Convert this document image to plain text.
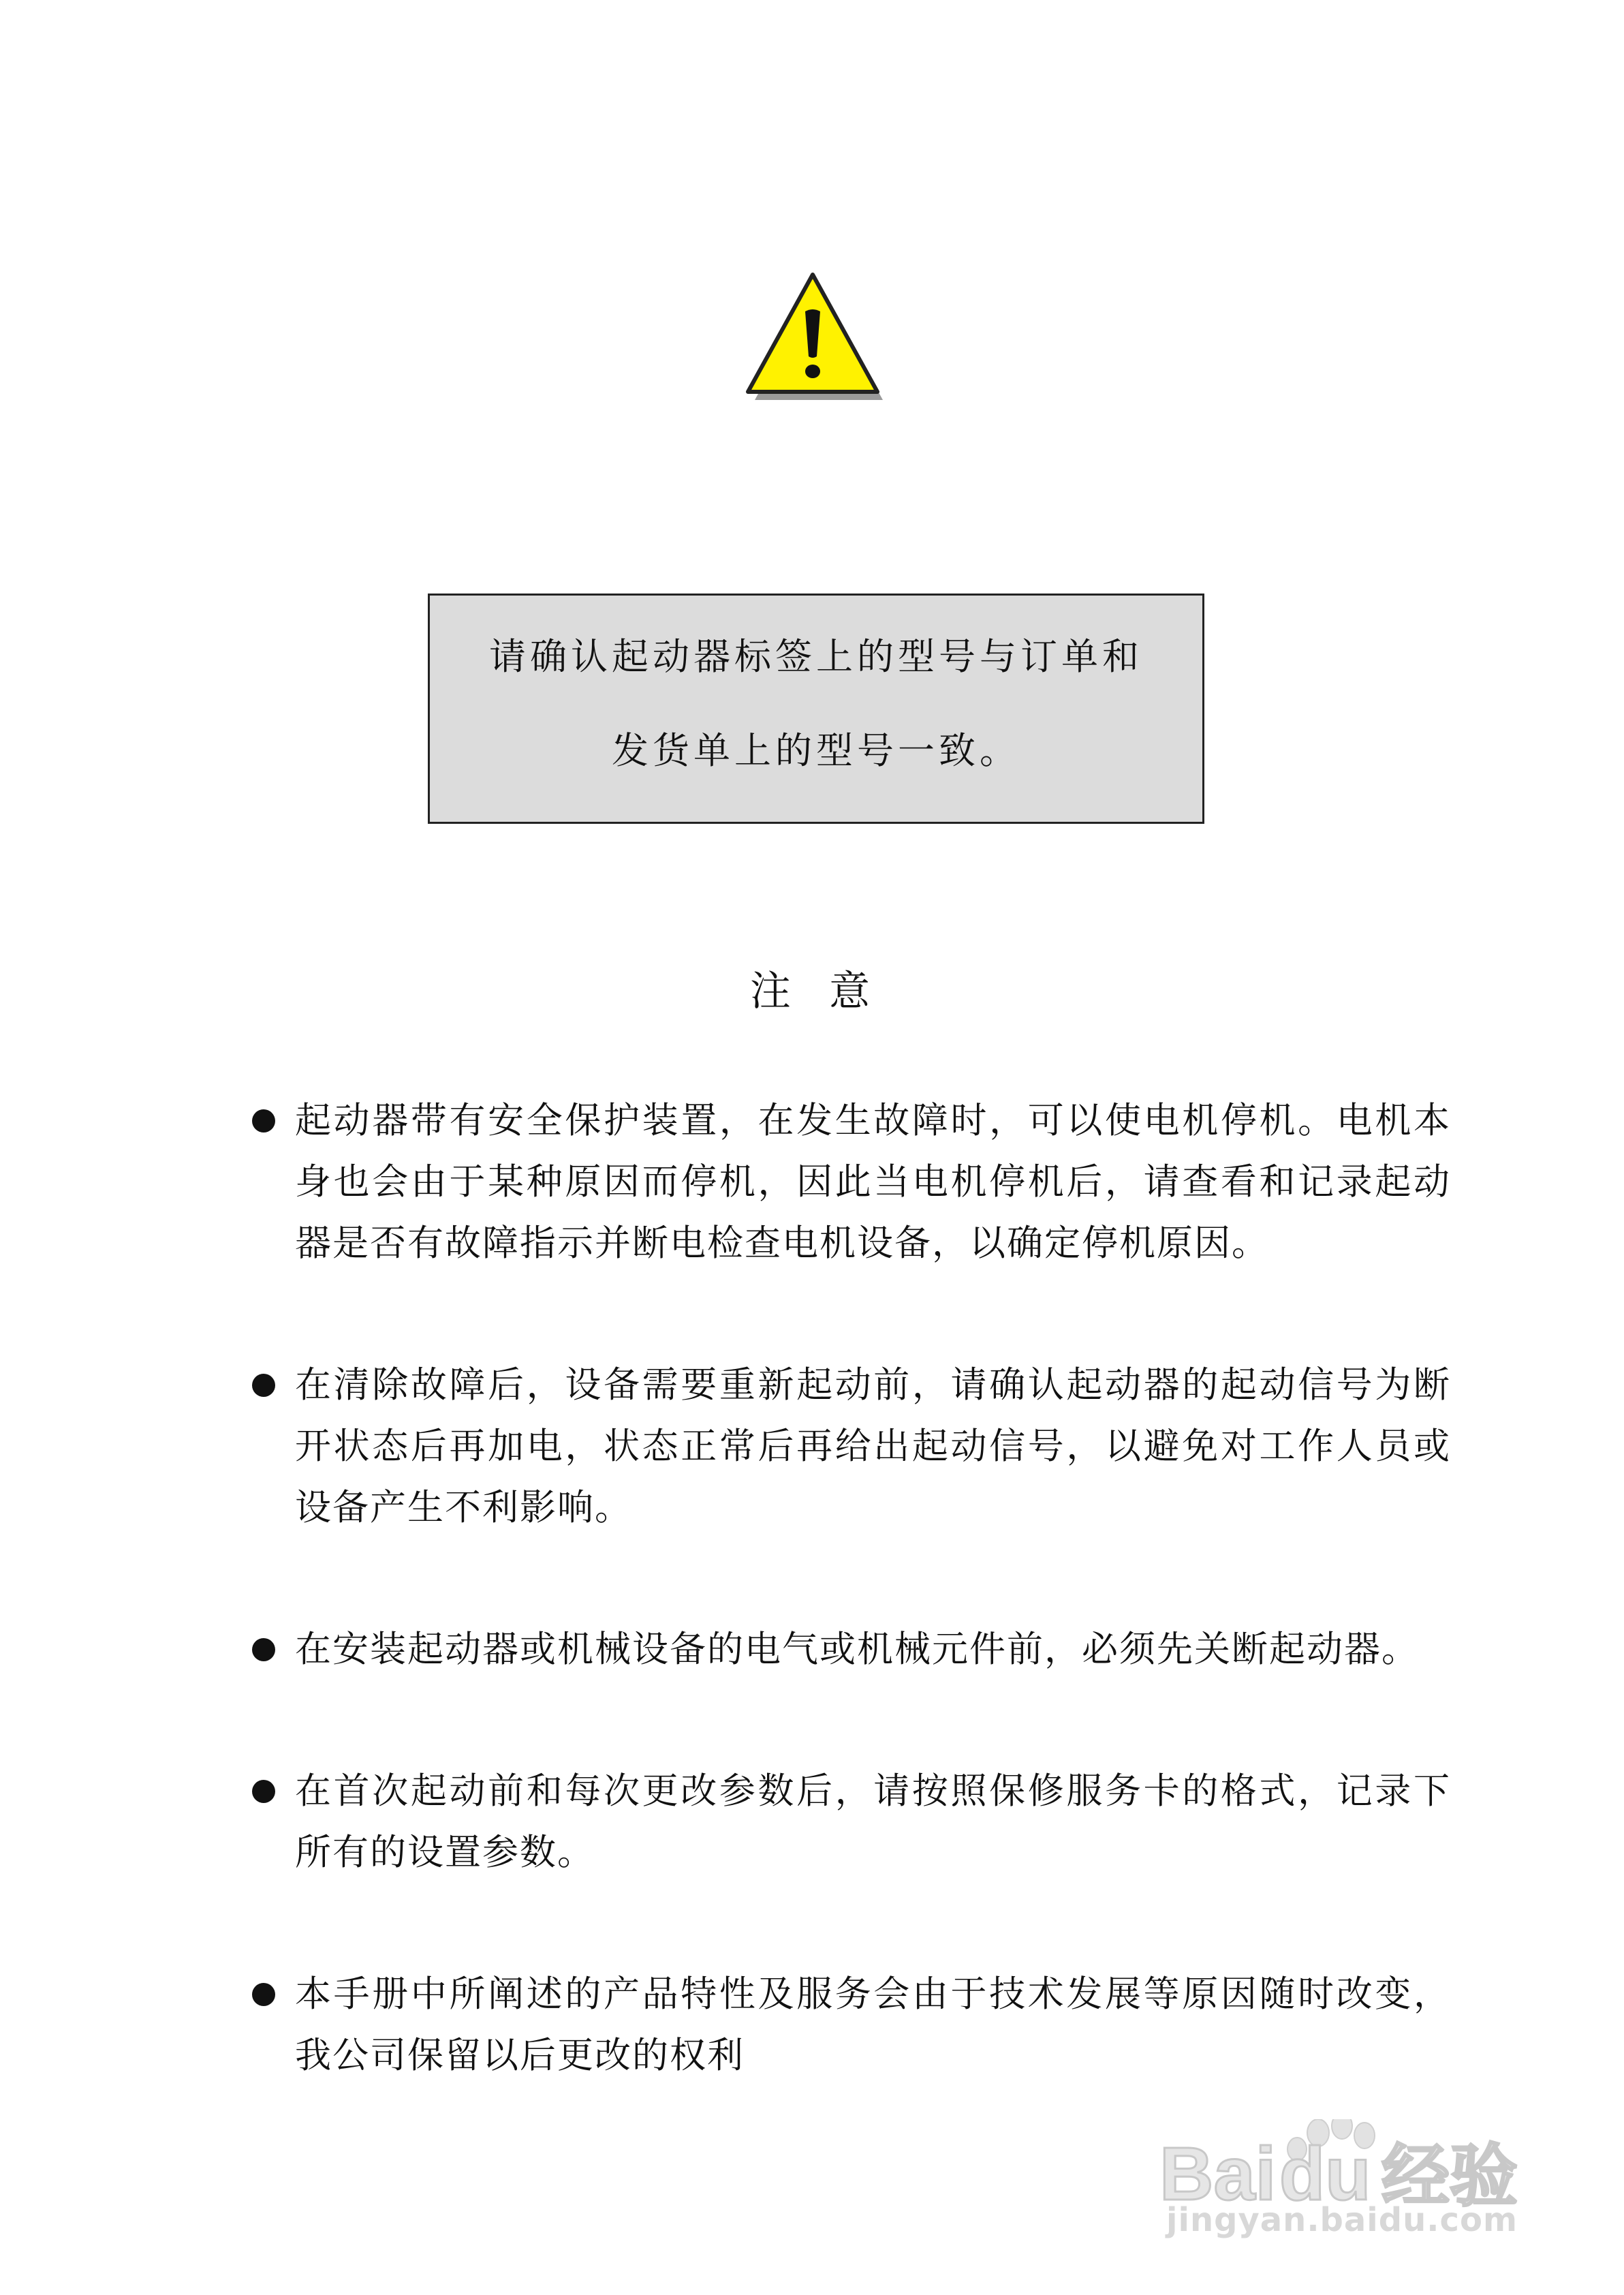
请确认起动器标签上的型号与订单和
发货单上的型号一致。
注  意
起动器带有安全保护装置，在发生故障时，可以使电机停机。电机本身也会由于某种原因而停机，因此当电机停机后，请查看和记录起动器是否有故障指示并断电检查电机设备，以确定停机原因。
在清除故障后，设备需要重新起动前，请确认起动器的起动信号为断开状态后再加电，状态正常后再给出起动信号，以避免对工作人员或设备产生不利影响。
在安装起动器或机械设备的电气或机械元件前，必须先关断起动器。
在首次起动前和每次更改参数后，请按照保修服务卡的格式，记录下所有的设置参数。
本手册中所阐述的产品特性及服务会由于技术发展等原因随时改变，我公司保留以后更改的权利
Bai du 经验
jingyan.baidu.com
